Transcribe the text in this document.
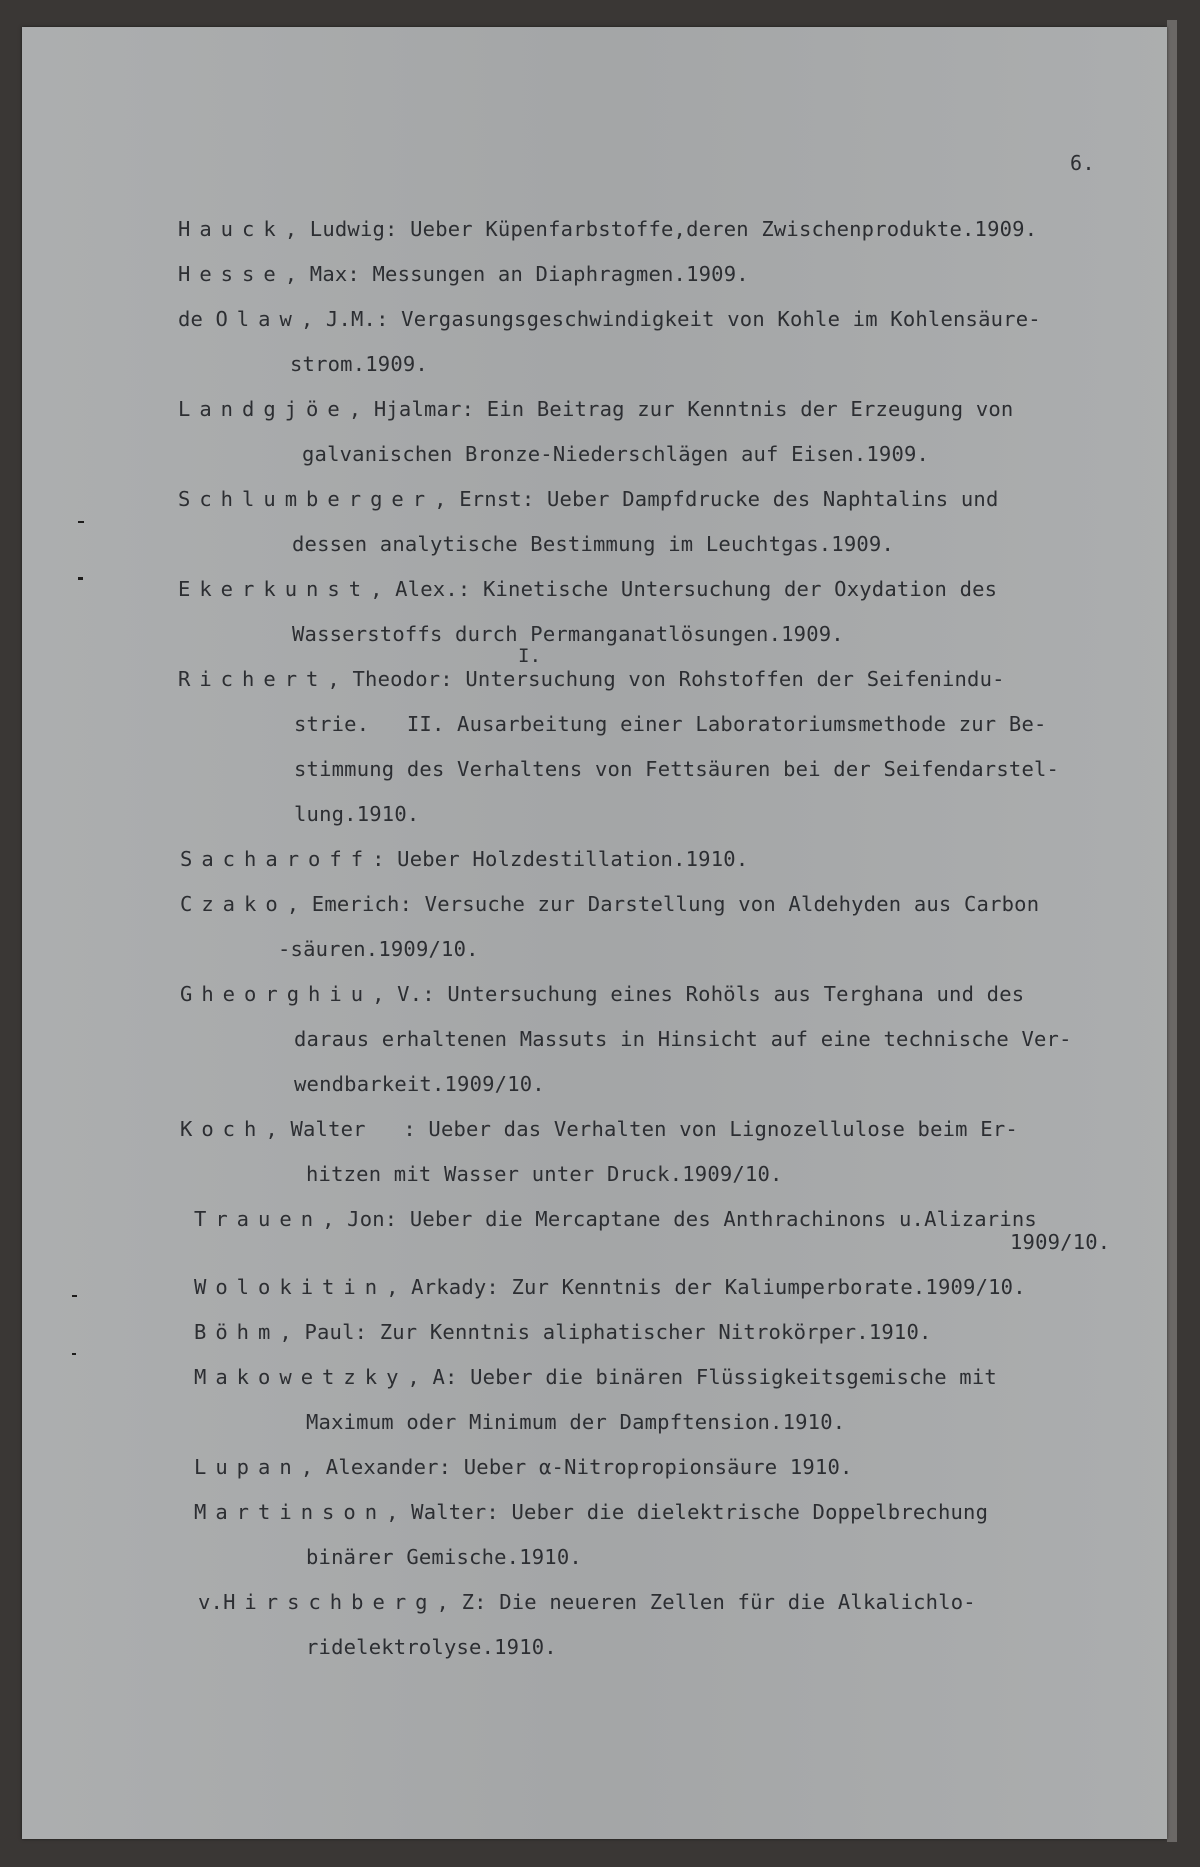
6.
Hauck, Ludwig: Ueber Küpenfarbstoffe,deren Zwischenprodukte.1909.
Hesse, Max: Messungen an Diaphragmen.1909.
de Olaw, J.M.: Vergasungsgeschwindigkeit von Kohle im Kohlensäure-
strom.1909.
Landgjöe, Hjalmar: Ein Beitrag zur Kenntnis der Erzeugung von
galvanischen Bronze-Niederschlägen auf Eisen.1909.
Schlumberger, Ernst: Ueber Dampfdrucke des Naphtalins und
dessen analytische Bestimmung im Leuchtgas.1909.
Ekerkunst, Alex.: Kinetische Untersuchung der Oxydation des
Wasserstoffs durch Permanganatlösungen.1909.
I.
Richert, Theodor: Untersuchung von Rohstoffen der Seifenindu-
strie.   II. Ausarbeitung einer Laboratoriumsmethode zur Be-
stimmung des Verhaltens von Fettsäuren bei der Seifendarstel-
lung.1910.
Sacharoff: Ueber Holzdestillation.1910.
Czako, Emerich: Versuche zur Darstellung von Aldehyden aus Carbon
-säuren.1909/10.
Gheorghiu, V.: Untersuchung eines Rohöls aus Terghana und des
daraus erhaltenen Massuts in Hinsicht auf eine technische Ver-
wendbarkeit.1909/10.
Koch, Walter   : Ueber das Verhalten von Lignozellulose beim Er-
hitzen mit Wasser unter Druck.1909/10.
Trauen, Jon: Ueber die Mercaptane des Anthrachinons u.Alizarins
1909/10.
Wolokitin, Arkady: Zur Kenntnis der Kaliumperborate.1909/10.
Böhm, Paul: Zur Kenntnis aliphatischer Nitrokörper.1910.
Makowetzky, A: Ueber die binären Flüssigkeitsgemische mit
Maximum oder Minimum der Dampftension.1910.
Lupan, Alexander: Ueber α-Nitropropionsäure 1910.
Martinson, Walter: Ueber die dielektrische Doppelbrechung
binärer Gemische.1910.
v.Hirschberg, Z: Die neueren Zellen für die Alkalichlo-
ridelektrolyse.1910.
